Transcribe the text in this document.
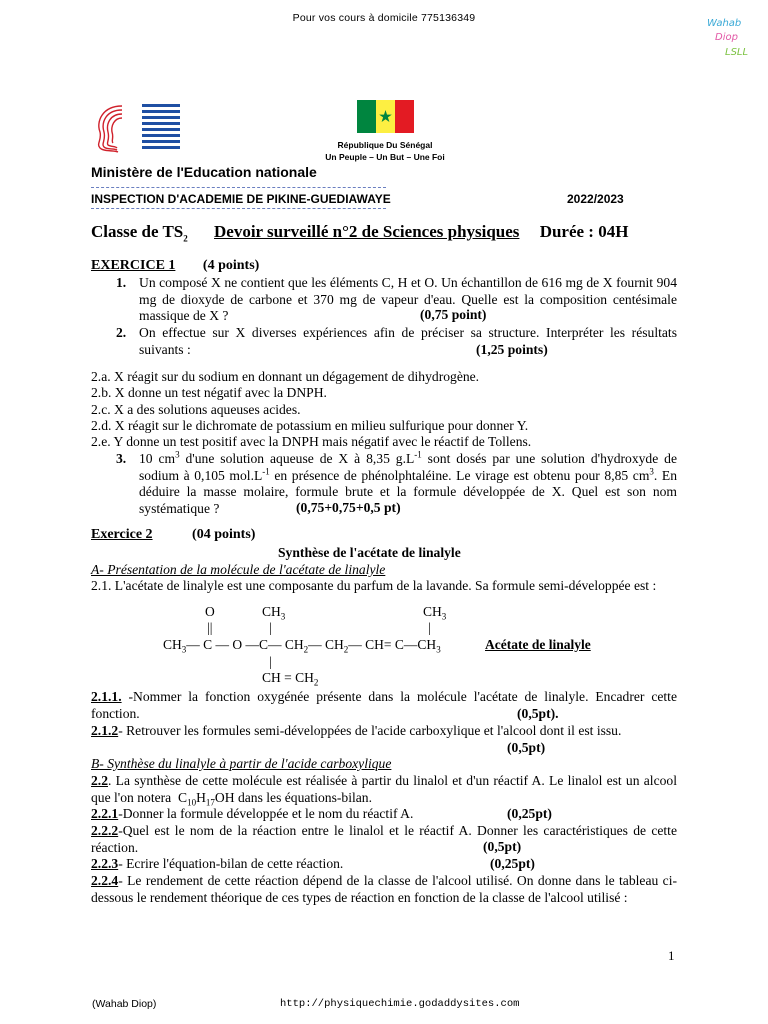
Pour vos cours à domicile 775136349	Wahab
Diop
LSLL
République Du Sénégal
Un Peuple – Un But – Une Foi
Ministère de l'Education nationale
INSPECTION D'ACADEMIE DE PIKINE-GUEDIAWAYE	2022/2023
Classe de $TS_2$ Devoir surveillé n°2 de Sciences physiques Durée : 04H
EXERCICE 1 (4 points)
1. Un composé X ne contient que les éléments C, H et O. Un échantillon de 616 mg de X fournit 904 mg de dioxyde de carbone et 370 mg de vapeur d'eau. Quelle est la composition centésimale massique de X ?	(0,75 point)
2. On effectue sur X diverses expériences afin de préciser sa structure. Interpréter les résultats suivants :	(1,25 points)
2.a. X réagit sur du sodium en donnant un dégagement de dihydrogène.
2.b. X donne un test négatif avec la DNPH.
2.c. X a des solutions aqueuses acides.
2.d. X réagit sur le dichromate de potassium en milieu sulfurique pour donner Y.
2.e. Y donne un test positif avec la DNPH mais négatif avec le réactif de Tollens.
3. 10 $cm^3$ d'une solution aqueuse de X à 8,35 $g.L^{-1}$ sont dosés par une solution d'hydroxyde de sodium à 0,105 $mol.L^{-1}$ en présence de phénolphtaléine. Le virage est obtenu pour 8,85 $cm^3$. En déduire la masse molaire, formule brute et la formule développée de X. Quel est son nom systématique ?	(0,75+0,75+0,5 pt)
Exercice 2	(04 points)
Synthèse de l'acétate de linalyle
A- Présentation de la molécule de l'acétate de linalyle
2.1. L'acétate de linalyle est une composante du parfum de la lavande. Sa formule semi-développée est :
O	$CH_3$	$CH_3$
||	|	|
$CH_3—$ C — O —C— $CH_2—$ $CH_2—$ $CH= C—CH_3$	Acétate de linalyle
|
CH = $CH_2$
2.1.1. -Nommer la fonction oxygénée présente dans la molécule l'acétate de linalyle. Encadrer cette fonction.	(0,5pt).
2.1.2- Retrouver les formules semi-développées de l'acide carboxylique et l'alcool dont il est issu.
(0,5pt)
B- Synthèse du linalyle à partir de l'acide carboxylique
2.2. La synthèse de cette molécule est réalisée à partir du linalol et d'un réactif A. Le linalol est un alcool que l'on notera  $C_{10}H_{17}OH$ dans les équations-bilan.
2.2.1-Donner la formule développée et le nom du réactif A.	(0,25pt)
2.2.2-Quel est le nom de la réaction entre le linalol et le réactif A. Donner les caractéristiques de cette réaction.	(0,5pt)
2.2.3- Ecrire l'équation-bilan de cette réaction.	(0,25pt)
2.2.4- Le rendement de cette réaction dépend de la classe de l'alcool utilisé. On donne dans le tableau ci-dessous le rendement théorique de ces types de réaction en fonction de la classe de l'alcool utilisé :
1
(Wahab Diop)	http://physiquechimie.godaddysites.com
